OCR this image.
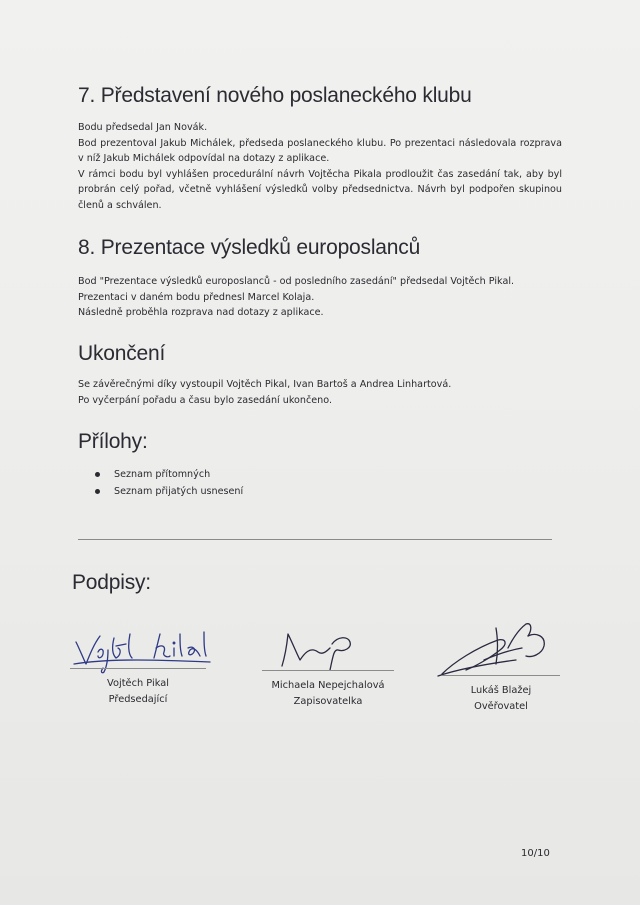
7. Představení nového poslaneckého klubu

Bodu předsedal Jan Novák.

Bod prezentoval Jakub Michálek, předseda poslaneckého klubu. Po prezentaci následovala rozprava v níž Jakub Michálek odpovídal na dotazy z aplikace.

V rámci bodu byl vyhlášen procedurální návrh Vojtěcha Pikala prodloužit čas zasedání tak, aby byl probrán celý pořad, včetně vyhlášení výsledků volby předsednictva. Návrh byl podpořen skupinou členů a schválen.

8. Prezentace výsledků europoslanců

Bod "Prezentace výsledků europoslanců - od posledního zasedání" předsedal Vojtěch Pikal.

Prezentaci v daném bodu přednesl Marcel Kolaja.

Následně proběhla rozprava nad dotazy z aplikace.

Ukončení

Se závěrečnými díky vystoupil Vojtěch Pikal, Ivan Bartoš a Andrea Linhartová.

Po vyčerpání pořadu a času bylo zasedání ukončeno.

Přílohy:
Seznam přítomných
Seznam přijatých usnesení
Podpisy:
Vojtěch Pikal
Předsedající
Michaela Nepejchalová
Zapisovatelka
Lukáš Blažej
Ověřovatel
10/10
